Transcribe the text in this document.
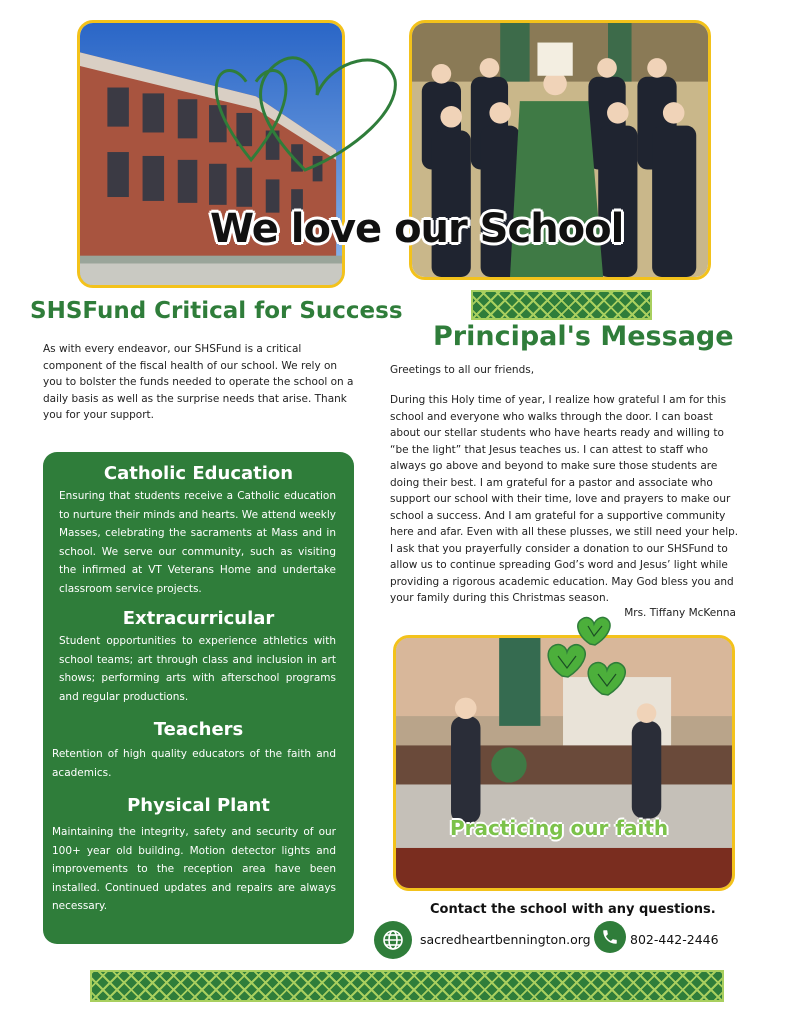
We love our School
SHSFund Critical for Success
As with every endeavor, our SHSFund is a critical component of the fiscal health of our school. We rely on you to bolster the funds needed to operate the school on a daily basis as well as the surprise needs that arise. Thank you for your support.
Catholic Education
Ensuring that students receive a Catholic education to nurture their minds and hearts. We attend weekly Masses, celebrating the sacraments at Mass and in school. We serve our community, such as visiting the infirmed at VT Veterans Home and undertake classroom service projects.
Extracurricular
Student opportunities to experience athletics with school teams; art through class and inclusion in art shows; performing arts with afterschool programs and regular productions.
Teachers
Retention of high quality educators of the faith and academics.
Physical Plant
Maintaining the integrity, safety and security of our 100+ year old building. Motion detector lights and improvements to the reception area have been installed. Continued updates and repairs are always necessary.
Principal's Message
Greetings to all our friends,
During this Holy time of year, I realize how grateful I am for this school and everyone who walks through the door. I can boast about our stellar students who have hearts ready and willing to “be the light” that Jesus teaches us. I can attest to staff who always go above and beyond to make sure those students are doing their best. I am grateful for a pastor and associate who support our school with their time, love and prayers to make our school a success. And I am grateful for a supportive community here and afar. Even with all these plusses, we still need your help. I ask that you prayerfully consider a donation to our SHSFund to allow us to continue spreading God’s word and Jesus’ light while providing a rigorous academic education. May God bless you and your family during this Christmas season.
Mrs. Tiffany McKenna
Practicing our faith
Contact the school with any questions.
sacredheartbennington.org	802-442-2446
